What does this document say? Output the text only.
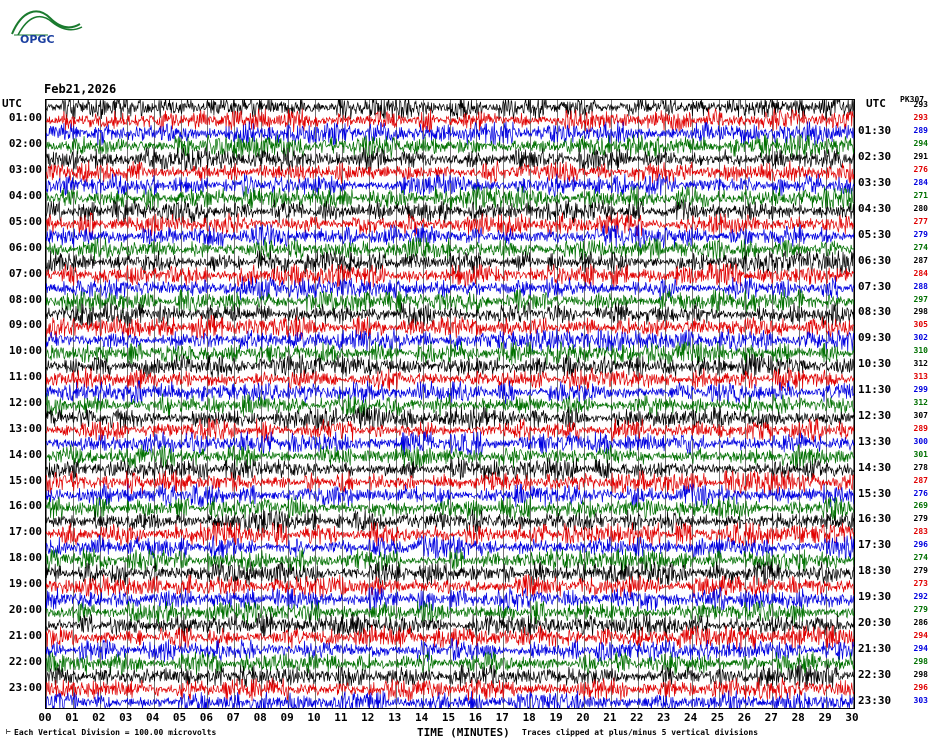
OPGC

Feb21,2026

UTC	UTC PK307
293
01:00	293
01:30	289
02:00	294
02:30	291
03:00	276
03:30	284
04:00	271
04:30	280
05:00	277
05:30	279
06:00	274
06:30	287
07:00	284
07:30	288
08:00	297
08:30	298
09:00	305
09:30	302
10:00	310
10:30	312
11:00	313
11:30	299
12:00	312
12:30	307
13:00	289
13:30	300
14:00	301
14:30	278
15:00	287
15:30	276
16:00	269
16:30	279
17:00	283
17:30	296
18:00	274
18:30	279
19:00	273
19:30	292
20:00	279
20:30	286
21:00	294
21:30	294
22:00	298
22:30	298
23:00	296
23:30	303
00 01 02 03 04 05 06 07 08 09 10 11 12 13 14 15 16 17 18 19 20 21 22 23 24 25 26 27 28 29 30
TIME (MINUTES)
⊢ Each Vertical Division = 100.00 microvolts	Traces clipped at plus/minus 5 vertical divisions
